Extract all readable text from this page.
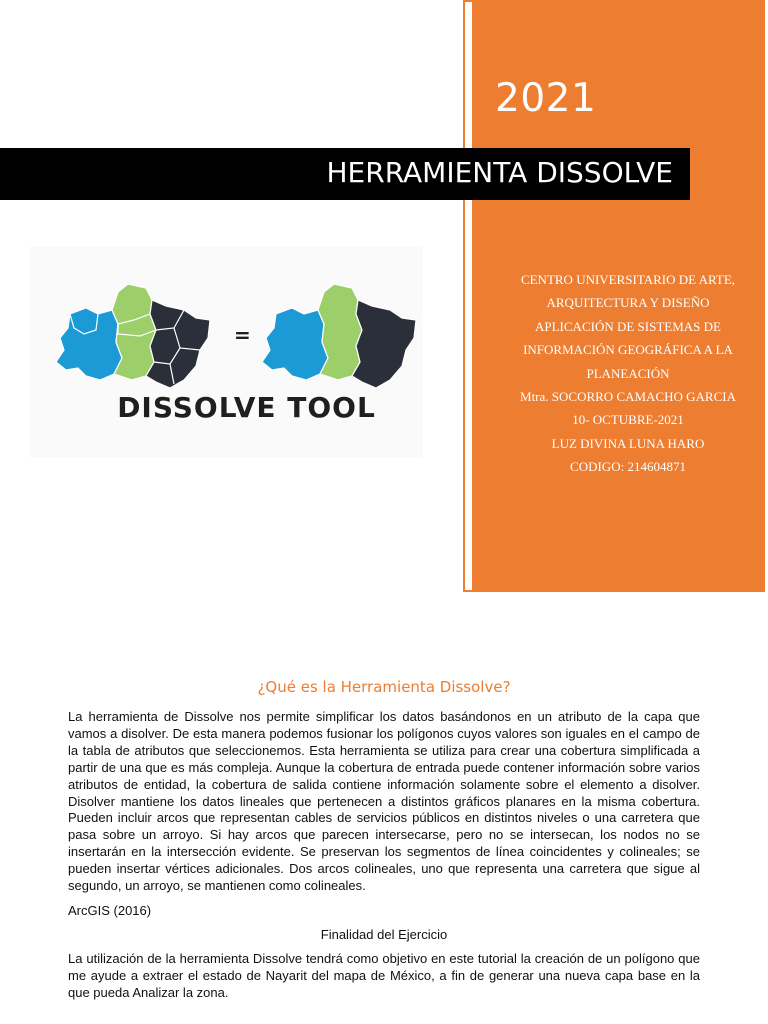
2021
HERRAMIENTA DISSOLVE
CENTRO UNIVERSITARIO DE ARTE,
ARQUITECTURA Y DISEÑO
APLICACIÓN DE SISTEMAS DE
INFORMACIÓN GEOGRÁFICA A LA
PLANEACIÓN
Mtra. SOCORRO CAMACHO GARCIA
10- OCTUBRE-2021
LUZ DIVINA LUNA HARO
CODIGO: 214604871
=
DISSOLVE TOOL
¿Qué es la Herramienta Dissolve?
La herramienta de Dissolve nos permite simplificar los datos basándonos en un atributo de la capa que vamos a disolver. De esta manera podemos fusionar los polígonos cuyos valores son iguales en el campo de la tabla de atributos que seleccionemos. Esta herramienta se utiliza para crear una cobertura simplificada a partir de una que es más compleja. Aunque la cobertura de entrada puede contener información sobre varios atributos de entidad, la cobertura de salida contiene información solamente sobre el elemento a disolver. Disolver mantiene los datos lineales que pertenecen a distintos gráficos planares en la misma cobertura. Pueden incluir arcos que representan cables de servicios públicos en distintos niveles o una carretera que pasa sobre un arroyo. Si hay arcos que parecen intersecarse, pero no se intersecan, los nodos no se insertarán en la intersección evidente. Se preservan los segmentos de línea coincidentes y colineales; se pueden insertar vértices adicionales. Dos arcos colineales, uno que representa una carretera que sigue al segundo, un arroyo, se mantienen como colineales.
ArcGIS (2016)
Finalidad del Ejercicio
La utilización de la herramienta Dissolve tendrá como objetivo en este tutorial la creación de un polígono que me ayude a extraer el estado de Nayarit del mapa de México, a fin de generar una nueva capa base en la que pueda Analizar la zona.
